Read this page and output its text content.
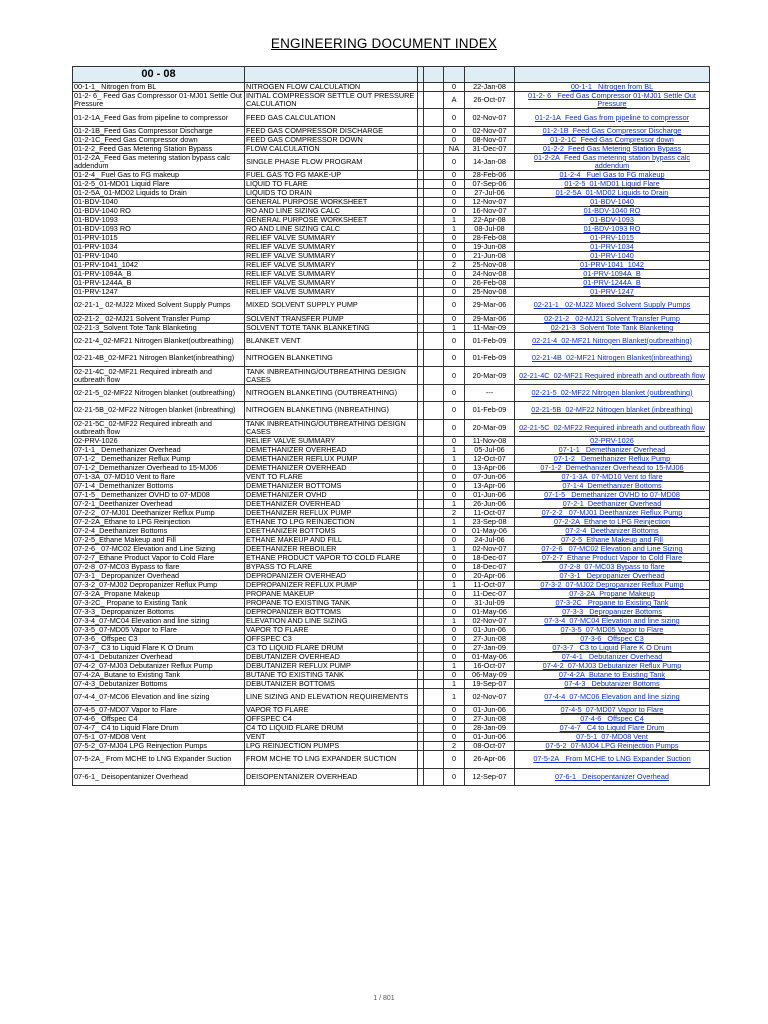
ENGINEERING DOCUMENT INDEX
00 - 08						
00-1-1_ Nitrogen from BL	NITROGEN FLOW CALCULATION			0	22-Jan-08	00-1-1_ Nitrogen from BL
01-2- 6_ Feed Gas Compressor 01-MJ01 Settle Out Pressure	INITIAL COMPRESSOR SETTLE OUT PRESSURE CALCULATION			A	26-Oct-07	01-2- 6_ Feed Gas Compressor 01-MJ01 Settle Out Pressure
01-2-1A_Feed Gas from pipeline to compressor	FEED GAS CALCULATION			0	02-Nov-07	01-2-1A_Feed Gas from pipeline to compressor
01-2-1B_Feed Gas Compressor Discharge	FEED GAS COMPRESSOR DISCHARGE			0	02-Nov-07	01-2-1B_Feed Gas Compressor Discharge
01-2-1C_Feed Gas Compressor down	FEED GAS COMPRESSOR DOWN			0	08-Nov-07	01-2-1C_Feed Gas Compressor down
01-2-2_Feed Gas Metering Station Bypass	FLOW CALCULATION			NA	31-Dec-07	01-2-2_Feed Gas Metering Station Bypass
01-2-2A_Feed Gas metering station bypass calc addendum	SINGLE PHASE FLOW PROGRAM			0	14-Jan-08	01-2-2A_Feed Gas metering station bypass calc addendum
01-2-4_ Fuel Gas to FG makeup	FUEL GAS TO FG MAKE-UP			0	28-Feb-06	01-2-4_ Fuel Gas to FG makeup
01-2-5_01-MD01 Liquid Flare	LIQUID TO FLARE			0	07-Sep-06	01-2-5_01-MD01 Liquid Flare
01-2-5A_01-MD02 Liquids to Drain	LIQUIDS TO DRAIN			0	27-Jul-06	01-2-5A_01-MD02 Liquids to Drain
01-BDV-1040	GENERAL PURPOSE WORKSHEET			0	12-Nov-07	01-BDV-1040
01-BDV-1040 RO	RO AND LINE SIZING CALC			0	16-Nov-07	01-BDV-1040 RO
01-BDV-1093	GENERAL PURPOSE WORKSHEET			1	22-Apr-08	01-BDV-1093
01-BDV-1093 RO	RO AND LINE SIZING CALC			1	08-Jul-08	01-BDV-1093 RO
01-PRV-1015	RELIEF VALVE SUMMARY			0	28-Feb-08	01-PRV-1015
01-PRV-1034	RELIEF VALVE SUMMARY			0	19-Jun-08	01-PRV-1034
01-PRV-1040	RELIEF VALVE SUMMARY			0	21-Jun-08	01-PRV-1040
01-PRV-1041_1042	RELIEF VALVE SUMMARY			2	25-Nov-08	01-PRV-1041_1042
01-PRV-1094A_B	RELIEF VALVE SUMMARY			0	24-Nov-08	01-PRV-1094A_B
01-PRV-1244A_B	RELIEF VALVE SUMMARY			0	26-Feb-08	01-PRV-1244A_B
01-PRV-1247	RELIEF VALVE SUMMARY			0	25-Nov-08	01-PRV-1247
02-21-1_ 02-MJ22 Mixed Solvent Supply Pumps	MIXED SOLVENT SUPPLY PUMP			0	29-Mar-06	02-21-1_ 02-MJ22 Mixed Solvent Supply Pumps
02-21-2_ 02-MJ21 Solvent Transfer Pump	SOLVENT TRANSFER PUMP			0	29-Mar-06	02-21-2_ 02-MJ21 Solvent Transfer Pump
02-21-3_Solvent Tote Tank Blanketing	SOLVENT TOTE TANK BLANKETING			1	11-Mar-09	02-21-3_Solvent Tote Tank Blanketing
02-21-4_02-MF21 Nitrogen Blanket(outbreathing)	BLANKET VENT			0	01-Feb-09	02-21-4_02-MF21 Nitrogen Blanket(outbreathing)
02-21-4B_02-MF21 Nitrogen Blanket(inbreathing)	NITROGEN BLANKETING			0	01-Feb-09	02-21-4B_02-MF21 Nitrogen Blanket(inbreathing)
02-21-4C_02-MF21 Required inbreath and outbreath flow	TANK INBREATHING/OUTBREATHING DESIGN CASES			0	20-Mar-09	02-21-4C_02-MF21 Required inbreath and outbreath flow
02-21-5_02-MF22 Nitrogen blanket (outbreathing)	NITROGEN BLANKETING (OUTBREATHING)			0	---	02-21-5_02-MF22 Nitrogen blanket (outbreathing)
02-21-5B_02-MF22 Nitrogen blanket (inbreathing)	NITROGEN BLANKETING (INBREATHING)			0	01-Feb-09	02-21-5B_02-MF22 Nitrogen blanket (inbreathing)
02-21-5C_02-MF22 Required inbreath and outbreath flow	TANK INBREATHING/OUTBREATHING DESIGN CASES			0	20-Mar-09	02-21-5C_02-MF22 Required inbreath and outbreath flow
02-PRV-1026	RELIEF VALVE SUMMARY			0	11-Nov-08	02-PRV-1026
07-1-1_ Demethanizer Overhead	DEMETHANIZER OVERHEAD			1	05-Jul-06	07-1-1_ Demethanizer Overhead
07-1-2_ Demethanizer Reflux Pump	DEMETHANIZER REFLUX PUMP			1	12-Oct-07	07-1-2_ Demethanizer Reflux Pump
07-1-2_Demethanizer Overhead to 15-MJ06	DEMETHANIZER OVERHEAD			0	13-Apr-06	07-1-2_Demethanizer Overhead to 15-MJ06
07-1-3A_07-MD10 Vent to flare	VENT TO FLARE			0	07-Jun-06	07-1-3A_07-MD10 Vent to flare
07-1-4_Demethanizer Bottoms	DEMETHANIZER BOTTOMS			0	13-Apr-06	07-1-4_Demethanizer Bottoms
07-1-5_ Demethanizer OVHD to 07-MD08	DEMETHANIZER OVHD			0	01-Jun-06	07-1-5_ Demethanizer OVHD to 07-MD08
07-2-1_Deethanizer Overhead	DEETHANIZER OVERHEAD			1	26-Jun-06	07-2-1_Deethanizer Overhead
07-2-2_ 07-MJ01 Deethanizer Reflux Pump	DEETHANIZER REFLUX PUMP			2	11-Oct-07	07-2-2_ 07-MJ01 Deethanizer Reflux Pump
07-2-2A_Ethane to LPG Reinjection	ETHANE TO LPG REINJECTION			1	23-Sep-08	07-2-2A_Ethane to LPG Reinjection
07-2-4_Deethanizer Bottoms	DEETHANIZER BOTTOMS			0	01-May-06	07-2-4_Deethanizer Bottoms
07-2-5_Ethane Makeup and Fill	ETHANE MAKEUP AND FILL			0	24-Jul-06	07-2-5_Ethane Makeup and Fill
07-2-6_ 07-MC02 Elevation and Line Sizing	DEETHANIZER REBOILER			1	02-Nov-07	07-2-6_ 07-MC02 Elevation and Line Sizing
07-2-7_Ethane Product Vapor to Cold Flare	ETHANE PRODUCT VAPOR TO COLD FLARE			0	18-Dec-07	07-2-7_Ethane Product Vapor to Cold Flare
07-2-8_07-MC03 Bypass to flare	BYPASS TO FLARE			0	18-Dec-07	07-2-8_07-MC03 Bypass to flare
07-3-1_ Depropanizer Overhead	DEPROPANIZER OVERHEAD			0	20-Apr-06	07-3-1_ Depropanizer Overhead
07-3-2_07-MJ02 Depropanizer Reflux Pump	DEPROPANIZER REFLUX PUMP			1	11-Oct-07	07-3-2_07-MJ02 Depropanizer Reflux Pump
07-3-2A_Propane Makeup	PROPANE MAKEUP			0	11-Dec-07	07-3-2A_Propane Makeup
07-3-2C_ Propane to Existing Tank	PROPANE TO EXISTING TANK			0	31-Jul-09	07-3-2C_ Propane to Existing Tank
07-3-3_ Depropanizer Bottoms	DEPROPANIZER BOTTOMS			0	01-May-06	07-3-3_ Depropanizer Bottoms
07-3-4_07-MC04 Elevation and line sizing	ELEVATION AND LINE SIZING			1	02-Nov-07	07-3-4_07-MC04 Elevation and line sizing
07-3-5_07-MD05 Vapor to Flare	VAPOR TO FLARE			0	01-Jun-06	07-3-5_07-MD05 Vapor to Flare
07-3-6_ Offspec C3	OFFSPEC C3			0	27-Jun-08	07-3-6_ Offspec C3
07-3-7_ C3 to Liquid Flare K O Drum	C3 TO LIQUID FLARE DRUM			0	27-Jan-09	07-3-7_ C3 to Liquid Flare K O Drum
07-4-1_Debutanizer Overhead	DEBUTANIZER OVERHEAD			0	01-May-06	07-4-1_ Debutanizer Overhead
07-4-2_07-MJ03 Debutanizer Reflux Pump	DEBUTANIZER REFLUX PUMP			1	16-Oct-07	07-4-2_07-MJ03 Debutanizer Reflux Pump
07-4-2A_Butane to Existing Tank	BUTANE TO EXISTING TANK			0	06-May-09	07-4-2A_Butane to Existing Tank
07-4-3_Debutanizer Bottoms	DEBUTANIZER BOTTOMS			1	19-Sep-07	07-4-3_ Debutanizer Bottoms
07-4-4_07-MC06 Elevation and line sizing	LINE SIZING AND ELEVATION REQUIREMENTS			1	02-Nov-07	07-4-4_07-MC06 Elevation and line sizing
07-4-5_07-MD07 Vapor to Flare	VAPOR TO FLARE			0	01-Jun-06	07-4-5_07-MD07 Vapor to Flare
07-4-6_ Offspec C4	OFFSPEC C4			0	27-Jun-08	07-4-6_ Offspec C4
07-4-7_ C4 to Liquid Flare Drum	C4 TO LIQUID FLARE DRUM			0	28-Jan-09	07-4-7_ C4 to Liquid Flare Drum
07-5-1_07-MD08 Vent	VENT			0	01-Jun-06	07-5-1_07-MD08 Vent
07-5-2_07-MJ04 LPG Reinjection Pumps	LPG REINJECTION PUMPS			2	08-Oct-07	07-5-2_07-MJ04 LPG Reinjection Pumps
07-5-2A_ From MCHE to LNG Expander Suction	FROM MCHE TO LNG EXPANDER SUCTION			0	26-Apr-06	07-5-2A_ From MCHE to LNG Expander Suction
07-6-1_ Deisopentanizer Overhead	DEISOPENTANIZER OVERHEAD			0	12-Sep-07	07-6-1_ Deisopentanizer Overhead
1 / 801
